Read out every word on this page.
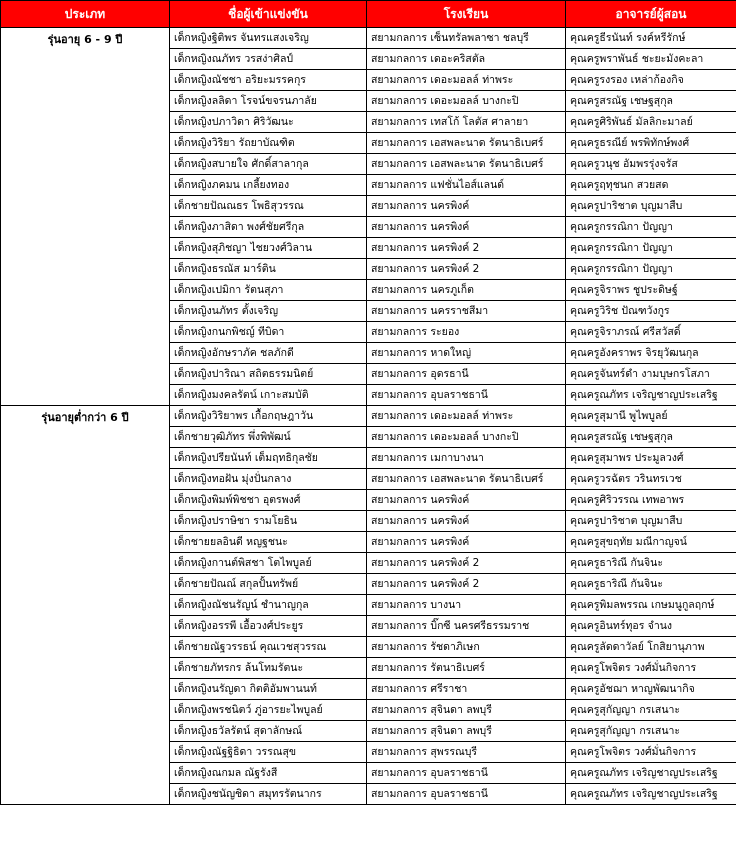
ประเภท	ชื่อผู้เข้าแข่งขัน	โรงเรียน	อาจารย์ผู้สอน
รุ่นอายุ 6 - 9 ปี	เด็กหญิงฐิติพร จันทรแสงเจริญ	สยามกลการ เซ็นทรัลพลาซา ชลบุรี	คุณครูธีรนันท์ รงค์หรีรักษ์
	เด็กหญิงณภัทร วรสง่าศิลป์	สยามกลการ เดอะคริสตัล	คุณครูพราพันธ์ ชะยะมังคะลา
	เด็กหญิงณัชชา อริยะมรรคกุร	สยามกลการ เดอะมอลล์ ท่าพระ	คุณครูรงรอง เหล่าก้องกิจ
	เด็กหญิงลลิดา โรจน์ขจรนภาลัย	สยามกลการ เดอะมอลล์ บางกะปิ	คุณครูสรณัฐ เชษฐสุกุล
	เด็กหญิงปภาวิดา ศิริวัฒนะ	สยามกลการ เทสโก้ โลตัส ศาลายา	คุณครูศิริพันธ์ มัลลิกะมาลย์
	เด็กหญิงวิริยา รัถยาบัณฑิต	สยามกลการ เอสพละนาด รัตนาธิเบศร์	คุณครูธรณีย์ พรพิทักษ์พงศ์
	เด็กหญิงสบายใจ ศักดิ์สาลากุล	สยามกลการ เอสพละนาด รัตนาธิเบศร์	คุณครูวนุช อัมพรรุ่งจรัส
	เด็กหญิงภคมน เกลี้ยงทอง	สยามกลการ แฟชั่นไอส์แลนด์	คุณครูฤทุชนก สวยสด
	เด็กชายปัณณธร โพธิสุวรรณ	สยามกลการ นครพิงค์	คุณครูปาริชาต บุญมาสืบ
	เด็กหญิงภาสิดา พงศ์ชัยศรีกุล	สยามกลการ นครพิงค์	คุณครูกรรณิกา ปัญญา
	เด็กหญิงสุภิชญา ไชยวงศ์วิลาน	สยามกลการ นครพิงค์ 2	คุณครูกรรณิกา ปัญญา
	เด็กหญิงธรณัส มาร์ติน	สยามกลการ นครพิงค์ 2	คุณครูกรรณิกา ปัญญา
	เด็กหญิงเปมิกา รัตนสุภา	สยามกลการ นครภูเก็ต	คุณครูจิราพร ชูประดิษฐ์
	เด็กหญิงนภัทร ตั้งเจริญ	สยามกลการ นครราชสีมา	คุณครูวิริช ปัณฑวังกูร
	เด็กหญิงกนกพิชญ์ ทีบิดา	สยามกลการ ระยอง	คุณครูจิราภรณ์ ศรีสวัสดิ์
	เด็กหญิงอักษราภัค ชลภักดี	สยามกลการ หาดใหญ่	คุณครูอังคราพร จิรยุวัฒนกุล
	เด็กหญิงปาริณา สถิตธรรมนิตย์	สยามกลการ อุดรธานี	คุณครูจันทร์ดำ งามบุษกรโสภา
	เด็กหญิงมงคลรัตน์ เกาะสมบัติ	สยามกลการ อุบลราชธานี	คุณครูณภัทร เจริญชาญประเสริฐ
รุ่นอายุต่ำกว่า 6 ปี	เด็กหญิงวิริยาพร เกื้อกฤษฎาวัน	สยามกลการ เดอะมอลล์ ท่าพระ	คุณครูสุมานี พูไพบูลย์
	เด็กชายวุฒิภัทร พึ่งพิพัฒน์	สยามกลการ เดอะมอลล์ บางกะปิ	คุณครูสรณัฐ เชษฐสุกุล
	เด็กหญิงปรียนันท์ เต็มฤทธิกุลชัย	สยามกลการ เมกาบางนา	คุณครูสุมาพร ประมูลวงศ์
	เด็กหญิงทอฝัน มุ่งปั่นกลาง	สยามกลการ เอสพละนาด รัตนาธิเบศร์	คุณครูวรฉัตร วรินทรเวช
	เด็กหญิงพิมพ์พิชชา อุตรพงศ์	สยามกลการ นครพิงค์	คุณครูศิริวรรณ เทพอาพร
	เด็กหญิงปราษิชา รามโยธิน	สยามกลการ นครพิงค์	คุณครูปาริชาต บุญมาสืบ
	เด็กชายยลอินดี หญฐชนะ	สยามกลการ นครพิงค์	คุณครูสุขฤทัย มณีกาญจน์
	เด็กหญิงกานต์พิสชา โตไพบูลย์	สยามกลการ นครพิงค์ 2	คุณครูธาริณี กันจินะ
	เด็กชายปัณณ์ สกุลปั้นทรัพย์	สยามกลการ นครพิงค์ 2	คุณครูธาริณี กันจินะ
	เด็กหญิงณัชนรัญน์ ชำนาญกุล	สยามกลการ บางนา	คุณครูพิมลพรรณ เกษมนูกูลฤกษ์
	เด็กหญิงอรรพี เอื้อวงศ์ประยูร	สยามกลการ บิ๊กซี นครศรีธรรมราช	คุณครูอินทร์ทุอร จำนง
	เด็กชายณัฐวรรธน์ คุณเวชสุวรรณ	สยามกลการ รัชดาภิเษก	คุณครูลัดดาวัลย์ โกสิยานุภาพ
	เด็กชายภัทรกร ล้นโทมรัตนะ	สยามกลการ รัตนาธิเบศร์	คุณครูโพจิตร วงศ์มั่นกิจการ
	เด็กหญิงนรัญดา กิตติอัมพานนท์	สยามกลการ ศรีราชา	คุณครูอัชฌา หาญพัฒนากิจ
	เด็กหญิงพรชนิตว์ ภู่อารยะไพบูลย์	สยามกลการ สุจินดา ลพบุรี	คุณครูสุกัญญา กรเสนาะ
	เด็กหญิงธวัลรัตน์ สุดาลักษณ์	สยามกลการ สุจินดา ลพบุรี	คุณครูสุกัญญา กรเสนาะ
	เด็กหญิงณัฐฐิธิดา วรรณสุข	สยามกลการ สุพรรณบุรี	คุณครูโพจิตร วงศ์มั่นกิจการ
	เด็กหญิงณกมล ณัฐรังสี	สยามกลการ อุบลราชธานี	คุณครูณภัทร เจริญชาญประเสริฐ
	เด็กหญิงชนัญชิดา สมุทรรัตนากร	สยามกลการ อุบลราชธานี	คุณครูณภัทร เจริญชาญประเสริฐ
